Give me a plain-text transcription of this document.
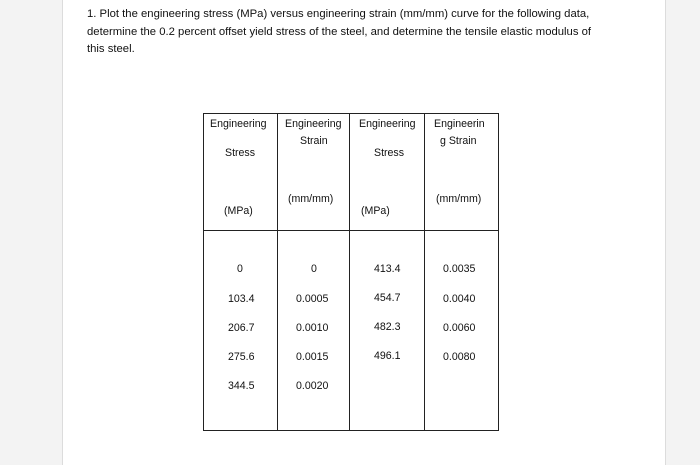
1. Plot the engineering stress (MPa) versus engineering strain (mm/mm) curve for the following data,

determine the 0.2 percent offset yield stress of the steel, and determine the tensile elastic modulus of

this steel.

Engineering
Stress
(MPa)
Engineering
Strain
(mm/mm)
Engineering
Stress
(MPa)
Engineerin
g Strain
(mm/mm)
0
103.4
206.7
275.6
344.5
0
0.0005
0.0010
0.0015
0.0020
413.4
454.7
482.3
496.1
0.0035
0.0040
0.0060
0.0080
